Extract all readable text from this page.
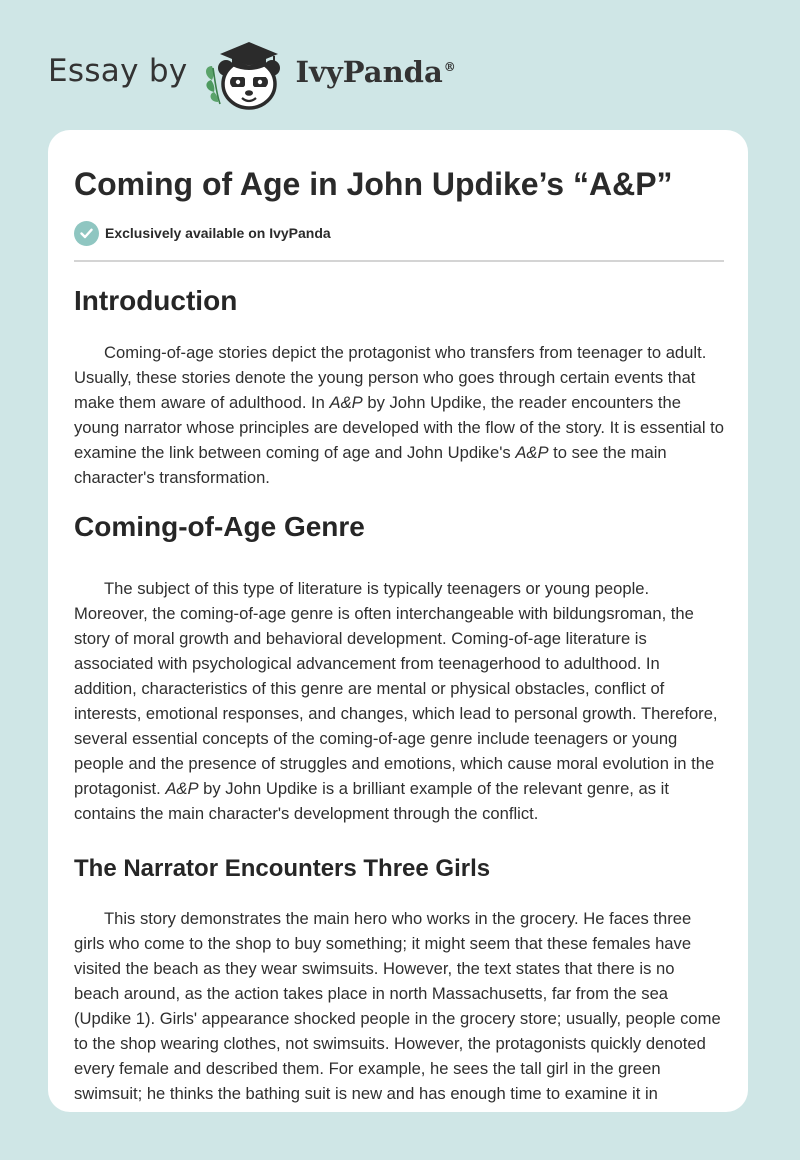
Essay by	IvyPanda®
Coming of Age in John Updike’s “A&P”
Exclusively available on IvyPanda
Introduction

Coming-of-age stories depict the protagonist who transfers from teenager to adult. Usually, these stories denote the young person who goes through certain events that make them aware of adulthood. In A&P by John Updike, the reader encounters the young narrator whose principles are developed with the flow of the story. It is essential to examine the link between coming of age and John Updike's A&P to see the main character's transformation.

Coming-of-Age Genre

The subject of this type of literature is typically teenagers or young people. Moreover, the coming-of-age genre is often interchangeable with bildungsroman, the story of moral growth and behavioral development. Coming-of-age literature is associated with psychological advancement from teenagerhood to adulthood. In addition, characteristics of this genre are mental or physical obstacles, conflict of interests, emotional responses, and changes, which lead to personal growth. Therefore, several essential concepts of the coming-of-age genre include teenagers or young people and the presence of struggles and emotions, which cause moral evolution in the protagonist. A&P by John Updike is a brilliant example of the relevant genre, as it contains the main character's development through the conflict.

The Narrator Encounters Three Girls

This story demonstrates the main hero who works in the grocery. He faces three girls who come to the shop to buy something; it might seem that these females have visited the beach as they wear swimsuits. However, the text states that there is no beach around, as the action takes place in north Massachusetts, far from the sea (Updike 1). Girls' appearance shocked people in the grocery store; usually, people come to the shop wearing clothes, not swimsuits. However, the protagonists quickly denoted every female and described them. For example, he sees the tall girl in the green swimsuit; he thinks the bathing suit is new and has enough time to examine it in
